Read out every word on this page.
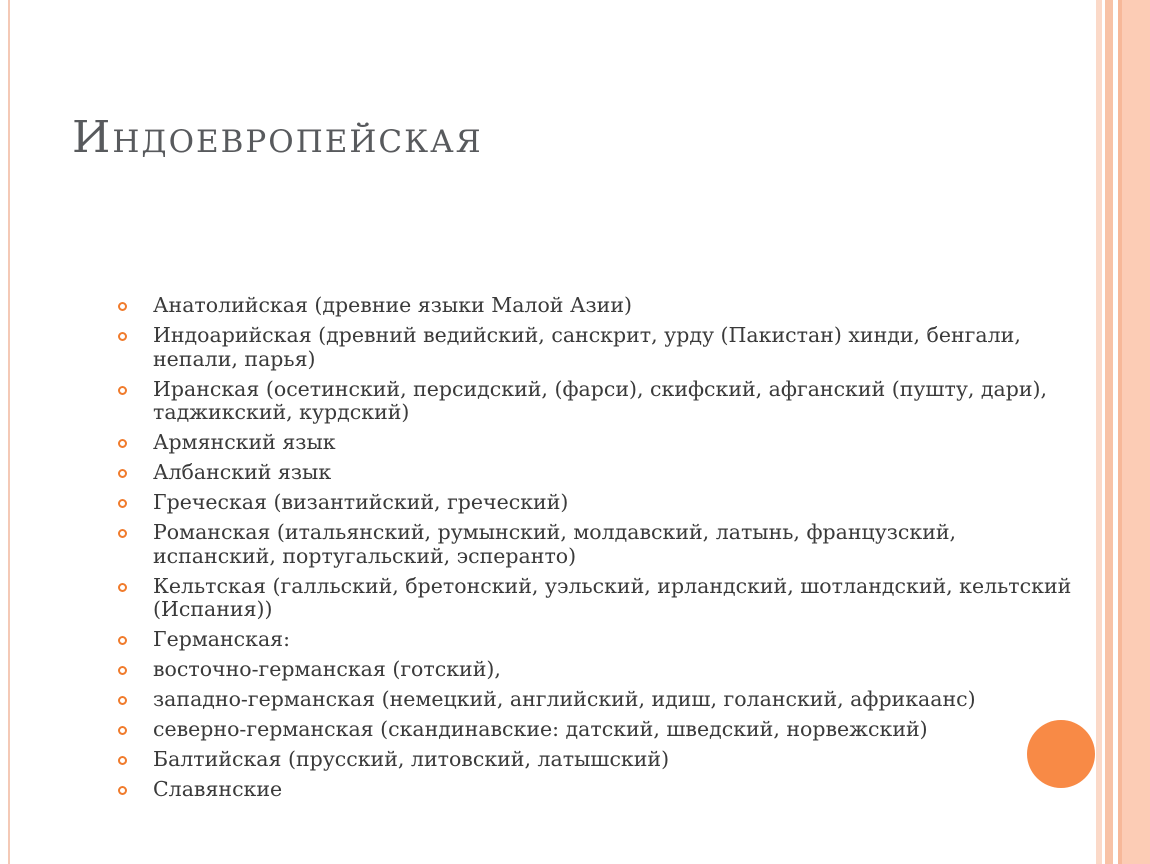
Индоевропейская
Анатолийская (древние языки Малой Азии)
Индоарийская (древний ведийский, санскрит, урду (Пакистан) хинди, бенгали, непали, парья)
Иранская (осетинский, персидский, (фарси), скифский, афганский (пушту, дари), таджикский, курдский)
Армянский язык
Албанский язык
Греческая (византийский, греческий)
Романская (итальянский, румынский, молдавский, латынь, французский, испанский, португальский, эсперанто)
Кельтская (галльский, бретонский, уэльский, ирландский, шотландский, кельтский (Испания))
Германская:
восточно-германская (готский),
западно-германская (немецкий, английский, идиш, голанский, африкаанс)
северно-германская (скандинавские: датский, шведский, норвежский)
Балтийская (прусский, литовский, латышский)
Славянские
